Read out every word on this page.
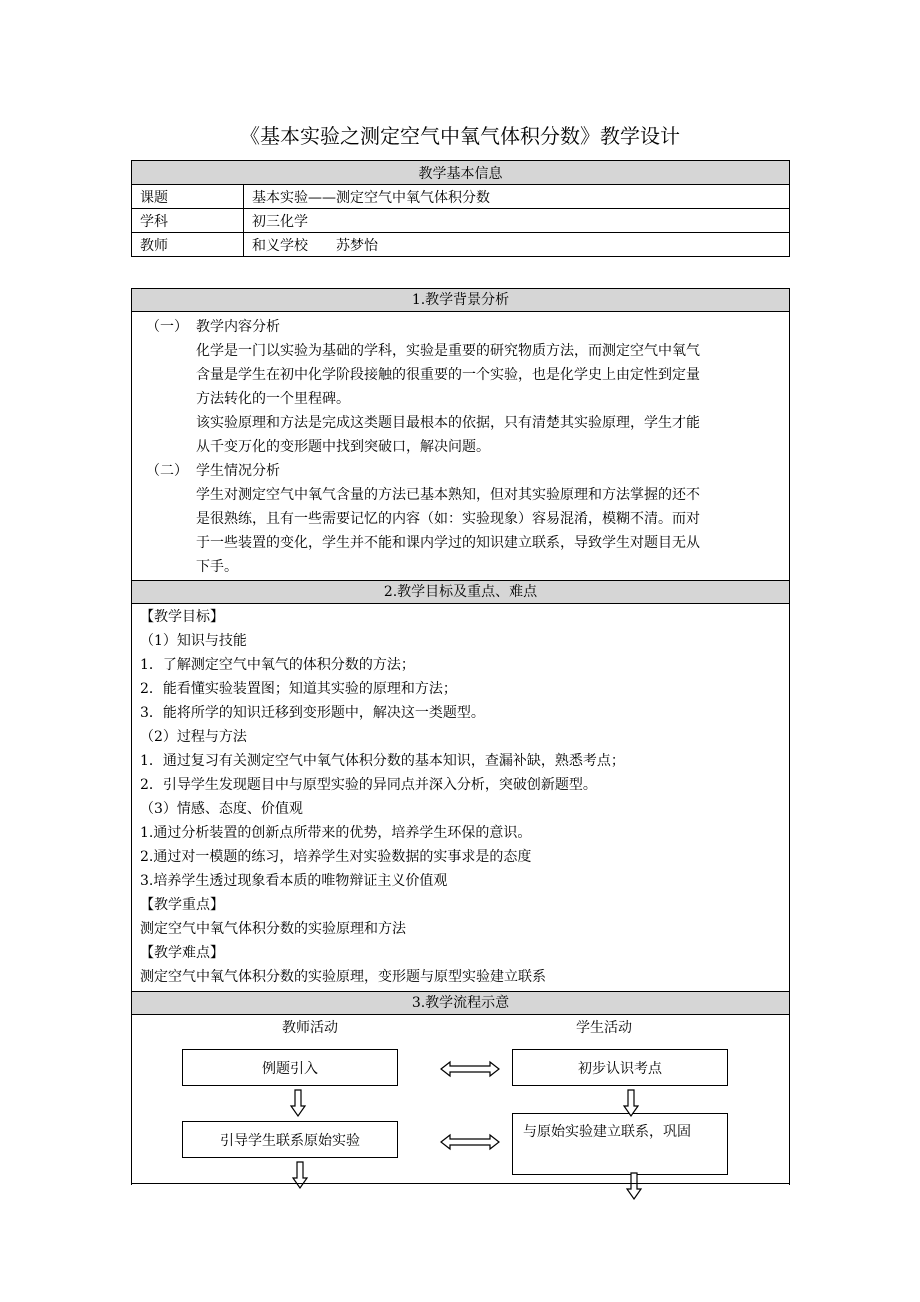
《基本实验之测定空气中氧气体积分数》教学设计
教学基本信息	
课题	基本实验——测定空气中氧气体积分数
学科	初三化学
教师	和义学校　　苏梦怡
1.教学背景分析
（一） 教学内容分析
化学是一门以实验为基础的学科，实验是重要的研究物质方法，而测定空气中氧气
含量是学生在初中化学阶段接触的很重要的一个实验，也是化学史上由定性到定量
方法转化的一个里程碑。
该实验原理和方法是完成这类题目最根本的依据，只有清楚其实验原理，学生才能
从千变万化的变形题中找到突破口，解决问题。
（二） 学生情况分析
学生对测定空气中氧气含量的方法已基本熟知，但对其实验原理和方法掌握的还不
是很熟练，且有一些需要记忆的内容（如：实验现象）容易混淆，模糊不清。而对
于一些装置的变化，学生并不能和课内学过的知识建立联系，导致学生对题目无从
下手。
2.教学目标及重点、难点
【教学目标】
（1）知识与技能
1．了解测定空气中氧气的体积分数的方法；
2．能看懂实验装置图；知道其实验的原理和方法；
3．能将所学的知识迁移到变形题中，解决这一类题型。
（2）过程与方法
1．通过复习有关测定空气中氧气体积分数的基本知识，查漏补缺，熟悉考点；
2．引导学生发现题目中与原型实验的异同点并深入分析，突破创新题型。
（3）情感、态度、价值观
1.通过分析装置的创新点所带来的优势，培养学生环保的意识。
2.通过对一模题的练习，培养学生对实验数据的实事求是的态度
3.培养学生透过现象看本质的唯物辩证主义价值观
【教学重点】
测定空气中氧气体积分数的实验原理和方法
【教学难点】
测定空气中氧气体积分数的实验原理，变形题与原型实验建立联系
3.教学流程示意
教师活动	学生活动
例题引入	初步认识考点
引导学生联系原始实验
与原始实验建立联系，巩固
